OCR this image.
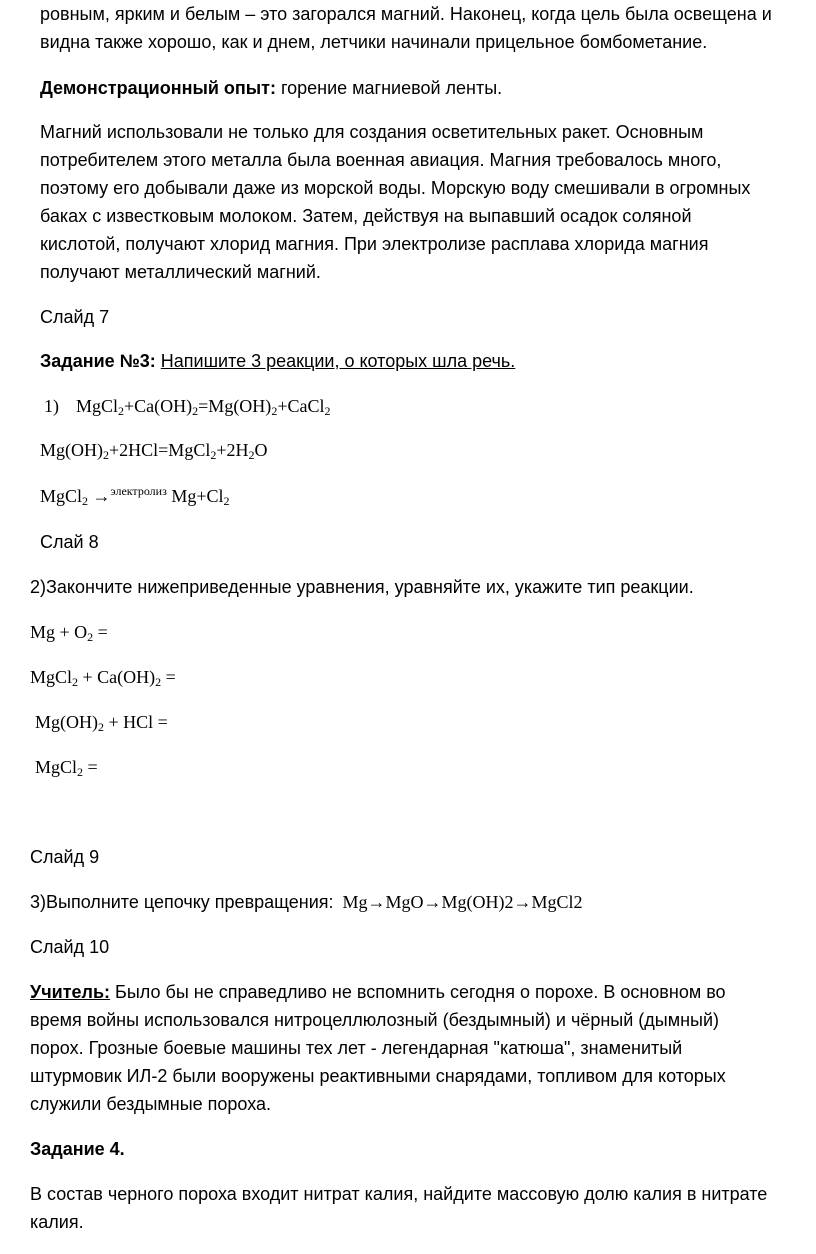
ровным, ярким и белым – это загорался магний. Наконец, когда цель была освещена и
видна также хорошо, как и днем, летчики начинали прицельное бомбометание.
Демонстрационный опыт: горение магниевой ленты.
Магний использовали не только для создания осветительных ракет. Основным
потребителем этого металла была военная авиация. Магния требовалось много,
поэтому его добывали даже из морской воды. Морскую воду смешивали в огромных
баках с известковым молоком. Затем, действуя на выпавший осадок соляной
кислотой, получают хлорид магния. При электролизе расплава хлорида магния
получают металлический магний.
Слайд 7
Задание №3: Напишите 3 реакции, о которых шла речь.
1) $MgCl_2+Ca(OH)_2=Mg(OH)_2+CaCl_2$
$Mg(OH)_2+2HCl=MgCl_2+2H_2O$
MgCl$_2$ →$^{электролиз}$ $Mg+Cl_2$
Слай 8
2)Закончите нижеприведенные уравнения, уравняйте их, укажите тип реакции.
$Mg + O_2$ =
MgCl$_2$ + $Ca(OH)_2$ =
$Mg(OH)_2$ + HCl =
MgCl$_2$ =
Слайд 9
3)Выполните цепочку превращения:  Mg→MgO→Mg(OH)2→MgCl2
Слайд 10
Учитель: Было бы не справедливо не вспомнить сегодня о порохе. В основном во
время войны использовался нитроцеллюлозный (бездымный) и чёрный (дымный)
порох. Грозные боевые машины тех лет - легендарная "катюша", знаменитый
штурмовик ИЛ-2 были вооружены реактивными снарядами, топливом для которых
служили бездымные пороха.
Задание 4.
В состав черного пороха входит нитрат калия, найдите массовую долю калия в нитрате
калия.
